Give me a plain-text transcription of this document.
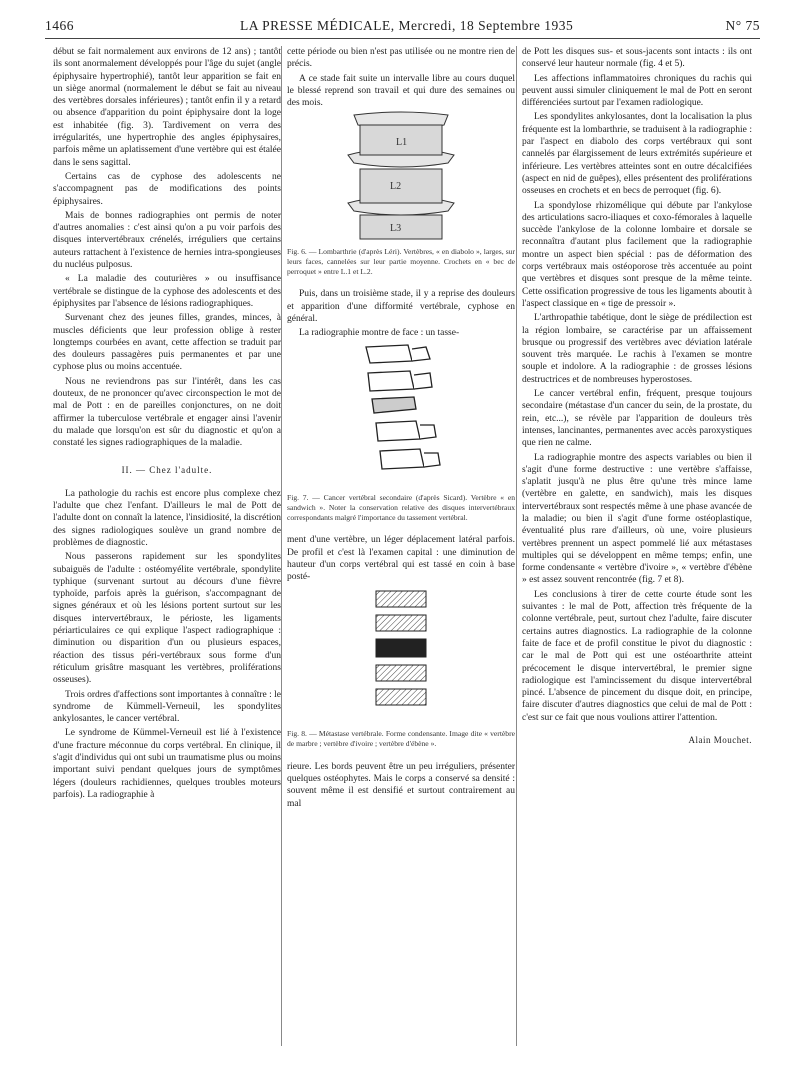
1466	LA PRESSE MÉDICALE, Mercredi, 18 Septembre 1935	N° 75

début se fait normalement aux environs de 12 ans) ; tantôt ils sont anormalement développés pour l'âge du sujet (angle épiphysaire hypertrophié), tantôt leur apparition se fait en un siège anormal (normalement le début se fait au niveau des vertèbres dorsales inférieures) ; tantôt enfin il y a retard ou absence d'apparition du point épiphysaire dont la loge est inhabitée (fig. 3). Tardivement on verra des irrégularités, une hypertrophie des angles épiphysaires, parfois même un aplatissement d'une vertèbre qui est étalée dans le sens sagittal.

Certains cas de cyphose des adolescents ne s'accompagnent pas de modifications des points épiphysaires.

Mais de bonnes radiographies ont permis de noter d'autres anomalies : c'est ainsi qu'on a pu voir parfois des disques intervertébraux crénelés, irréguliers que certains auteurs rattachent à l'existence de hernies intra-spongieuses du nucléus pulposus.

« La maladie des couturières » ou insuffisance vertébrale se distingue de la cyphose des adolescents et des épiphysites par l'absence de lésions radiographiques.

Survenant chez des jeunes filles, grandes, minces, à muscles déficients que leur profession oblige à rester longtemps courbées en avant, cette affection se traduit par des douleurs passagères puis permanentes et par une cyphose plus ou moins accentuée.

Nous ne reviendrons pas sur l'intérêt, dans les cas douteux, de ne prononcer qu'avec circonspection le mot de mal de Pott : en de pareilles conjonctures, on ne doit affirmer la tuberculose vertébrale et engager ainsi l'avenir du malade que lorsqu'on est sûr du diagnostic et qu'on a constaté les signes radiographiques de la maladie.

II. — Chez l'adulte.

La pathologie du rachis est encore plus complexe chez l'adulte que chez l'enfant. D'ailleurs le mal de Pott de l'adulte dont on connaît la latence, l'insidiosité, la discrétion des signes radiologiques soulève un grand nombre de problèmes de diagnostic.

Nous passerons rapidement sur les spondylites subaiguës de l'adulte : ostéomyélite vertébrale, spondylite typhique (survenant surtout au décours d'une fièvre typhoïde, parfois après la guérison, s'accompagnant de signes généraux et où les lésions portent surtout sur les disques intervertébraux, le périoste, les ligaments périarticulaires ce qui explique l'aspect radiographique : diminution ou disparition d'un ou plusieurs espaces, réaction des tissus péri-vertébraux sous forme d'un réticulum grisâtre masquant les vertèbres, proliférations osseuses).

Trois ordres d'affections sont importantes à connaître : le syndrome de Kümmell-Verneuil, les spondylites ankylosantes, le cancer vertébral.

Le syndrome de Kümmel-Verneuil est lié à l'existence d'une fracture méconnue du corps vertébral. En clinique, il s'agit d'individus qui ont subi un traumatisme plus ou moins important suivi pendant quelques jours de symptômes légers (douleurs rachidiennes, quelques troubles moteurs parfois). La radiographie à

cette période ou bien n'est pas utilisée ou ne montre rien de précis.

A ce stade fait suite un intervalle libre au cours duquel le blessé reprend son travail et qui dure des semaines ou des mois.

L1
L2
L3

Fig. 6. — Lombarthrie (d'après Léri). Vertèbres, « en diabolo », larges, sur leurs faces, cannelées sur leur partie moyenne. Crochets en « bec de perroquet » entre L.1 et L.2.

Puis, dans un troisième stade, il y a reprise des douleurs et apparition d'une difformité vertébrale, cyphose en général.

La radiographie montre de face : un tasse-

Fig. 7. — Cancer vertébral secondaire (d'après Sicard). Vertèbre « en sandwich ». Noter la conservation relative des disques intervertébraux correspondants malgré l'importance du tassement vertébral.

ment d'une vertèbre, un léger déplacement latéral parfois. De profil et c'est là l'examen capital : une diminution de hauteur d'un corps vertébral qui est tassé en coin à base posté-

Fig. 8. — Métastase vertébrale. Forme condensante. Image dite « vertèbre de marbre ; vertèbre d'ivoire ; vertèbre d'ébène ».

rieure. Les bords peuvent être un peu irréguliers, présenter quelques ostéophytes. Mais le corps a conservé sa densité : souvent même il est densifié et surtout contrairement au mal

de Pott les disques sus- et sous-jacents sont intacts : ils ont conservé leur hauteur normale (fig. 4 et 5).

Les affections inflammatoires chroniques du rachis qui peuvent aussi simuler cliniquement le mal de Pott en seront différenciées surtout par l'examen radiologique.

Les spondylites ankylosantes, dont la localisation la plus fréquente est la lombarthrie, se traduisent à la radiographie : par l'aspect en diabolo des corps vertébraux qui sont cannelés par élargissement de leurs extrémités supérieure et inférieure. Les vertèbres atteintes sont en outre décalcifiées (aspect en nid de guêpes), elles présentent des proliférations osseuses en crochets et en becs de perroquet (fig. 6).

La spondylose rhizomélique qui débute par l'ankylose des articulations sacro-iliaques et coxo-fémorales à laquelle succède l'ankylose de la colonne lombaire et dorsale se reconnaîtra d'autant plus facilement que la radiographie montre un aspect bien spécial : pas de déformation des corps vertébraux mais ostéoporose très accentuée au point que vertèbres et disques sont presque de la même teinte. Cette ossification progressive de tous les ligaments aboutit à l'aspect classique en « tige de pressoir ».

L'arthropathie tabétique, dont le siège de prédilection est la région lombaire, se caractérise par un affaissement brusque ou progressif des vertèbres avec déviation latérale souvent très marquée. Le rachis à l'examen se montre souple et indolore. A la radiographie : de grosses lésions destructrices et de nombreuses hyperostoses.

Le cancer vertébral enfin, fréquent, presque toujours secondaire (métastase d'un cancer du sein, de la prostate, du rein, etc...), se révèle par l'apparition de douleurs très intenses, lancinantes, permanentes avec accès paroxystiques que rien ne calme.

La radiographie montre des aspects variables ou bien il s'agit d'une forme destructive : une vertèbre s'affaisse, s'aplatit jusqu'à ne plus être qu'une très mince lame (vertèbre en galette, en sandwich), mais les disques intervertébraux sont respectés même à une phase avancée de la maladie; ou bien il s'agit d'une forme ostéoplastique, éventualité plus rare d'ailleurs, où une, voire plusieurs vertèbres prennent un aspect pommelé lié aux métastases multiples qui se développent en même temps; enfin, une forme condensante « vertèbre d'ivoire », « vertèbre d'ébène » est assez souvent rencontrée (fig. 7 et 8).

Les conclusions à tirer de cette courte étude sont les suivantes : le mal de Pott, affection très fréquente de la colonne vertébrale, peut, surtout chez l'adulte, faire discuter certains autres diagnostics. La radiographie de la colonne faite de face et de profil constitue le pivot du diagnostic : car le mal de Pott qui est une ostéoarthrite atteint précocement le disque intervertébral, le premier signe radiologique est l'amincissement du disque intervertébral pincé. L'absence de pincement du disque doit, en principe, faire discuter d'autres diagnostics que celui de mal de Pott : c'est sur ce fait que nous voulions attirer l'attention.

Alain Mouchet.
